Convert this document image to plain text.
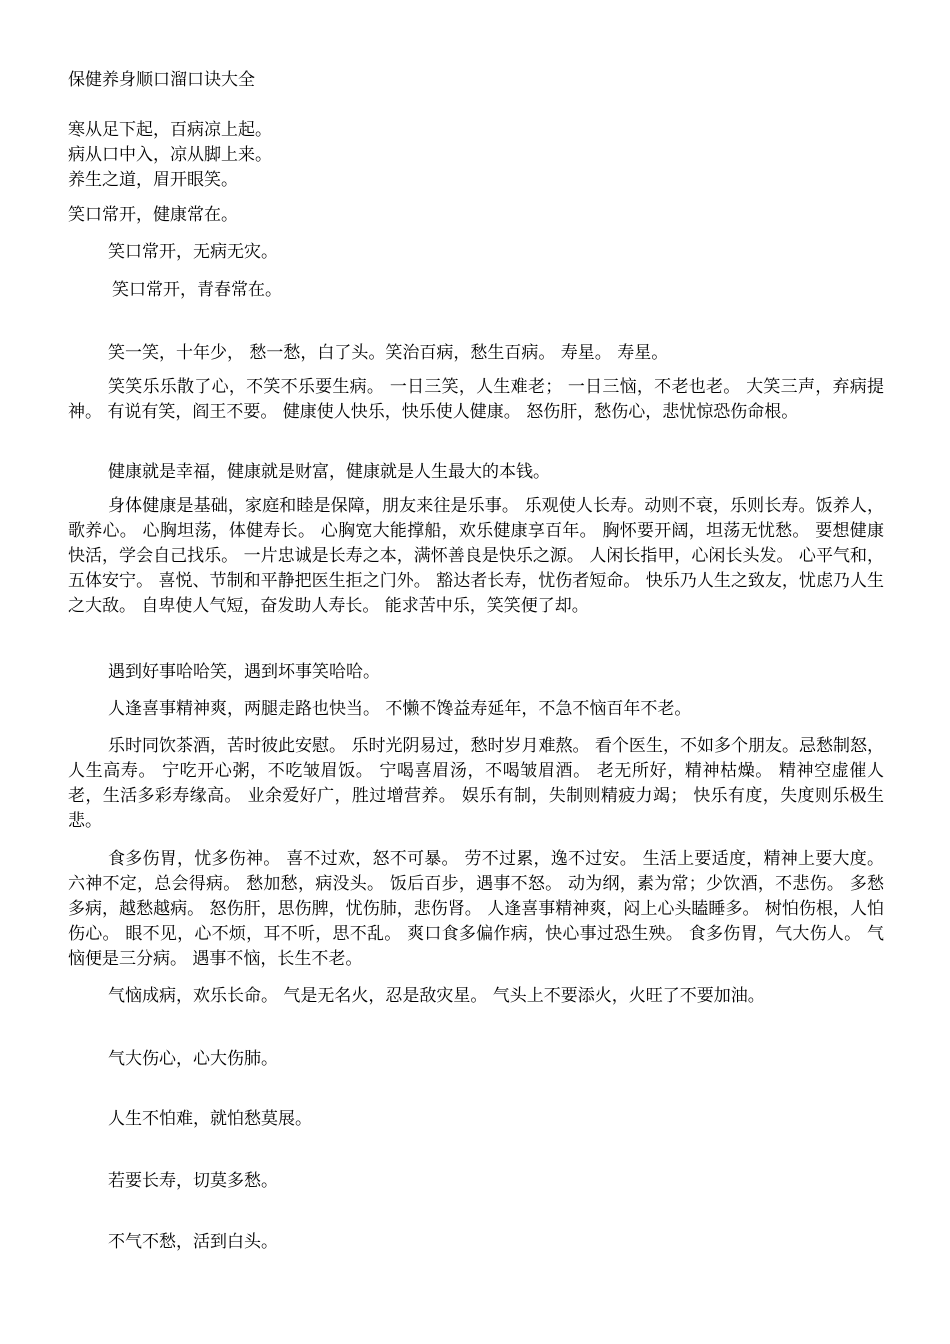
保健养身顺口溜口诀大全
寒从足下起，百病凉上起。
病从口中入，凉从脚上来。
养生之道，眉开眼笑。
笑口常开，健康常在。
笑口常开，无病无灾。
笑口常开，青春常在。
笑一笑，十年少， 愁一愁，白了头。笑治百病，愁生百病。 寿星。 寿星。
笑笑乐乐散了心，不笑不乐要生病。 一日三笑，人生难老； 一日三恼，不老也老。 大笑三声，弃病提神。 有说有笑，阎王不要。 健康使人快乐，快乐使人健康。 怒伤肝，愁伤心，悲忧惊恐伤命根。
健康就是幸福，健康就是财富，健康就是人生最大的本钱。
身体健康是基础，家庭和睦是保障，朋友来往是乐事。 乐观使人长寿。动则不衰，乐则长寿。饭养人，歌养心。 心胸坦荡，体健寿长。 心胸宽大能撑船，欢乐健康享百年。 胸怀要开阔，坦荡无忧愁。 要想健康快活，学会自己找乐。 一片忠诚是长寿之本，满怀善良是快乐之源。 人闲长指甲，心闲长头发。 心平气和，五体安宁。 喜悦、节制和平静把医生拒之门外。 豁达者长寿，忧伤者短命。 快乐乃人生之致友，忧虑乃人生之大敌。 自卑使人气短，奋发助人寿长。 能求苦中乐，笑笑便了却。
遇到好事哈哈笑，遇到坏事笑哈哈。
人逢喜事精神爽，两腿走路也快当。 不懒不馋益寿延年，不急不恼百年不老。
乐时同饮茶酒，苦时彼此安慰。 乐时光阴易过，愁时岁月难熬。 看个医生，不如多个朋友。忌愁制怒，人生高寿。 宁吃开心粥，不吃皱眉饭。 宁喝喜眉汤，不喝皱眉酒。 老无所好，精神枯燥。 精神空虚催人老，生活多彩寿缘高。 业余爱好广，胜过增营养。 娱乐有制，失制则精疲力竭； 快乐有度，失度则乐极生悲。
食多伤胃，忧多伤神。 喜不过欢，怒不可暴。 劳不过累，逸不过安。 生活上要适度，精神上要大度。 六神不定，总会得病。 愁加愁，病没头。 饭后百步，遇事不怒。 动为纲，素为常；少饮酒，不悲伤。 多愁多病，越愁越病。 怒伤肝，思伤脾，忧伤肺，悲伤肾。 人逢喜事精神爽，闷上心头瞌睡多。 树怕伤根，人怕伤心。 眼不见，心不烦，耳不听，思不乱。 爽口食多偏作病，快心事过恐生殃。 食多伤胃，气大伤人。 气恼便是三分病。 遇事不恼，长生不老。
气恼成病，欢乐长命。 气是无名火，忍是敌灾星。 气头上不要添火，火旺了不要加油。
气大伤心，心大伤肺。
人生不怕难，就怕愁莫展。
若要长寿，切莫多愁。
不气不愁，活到白头。
